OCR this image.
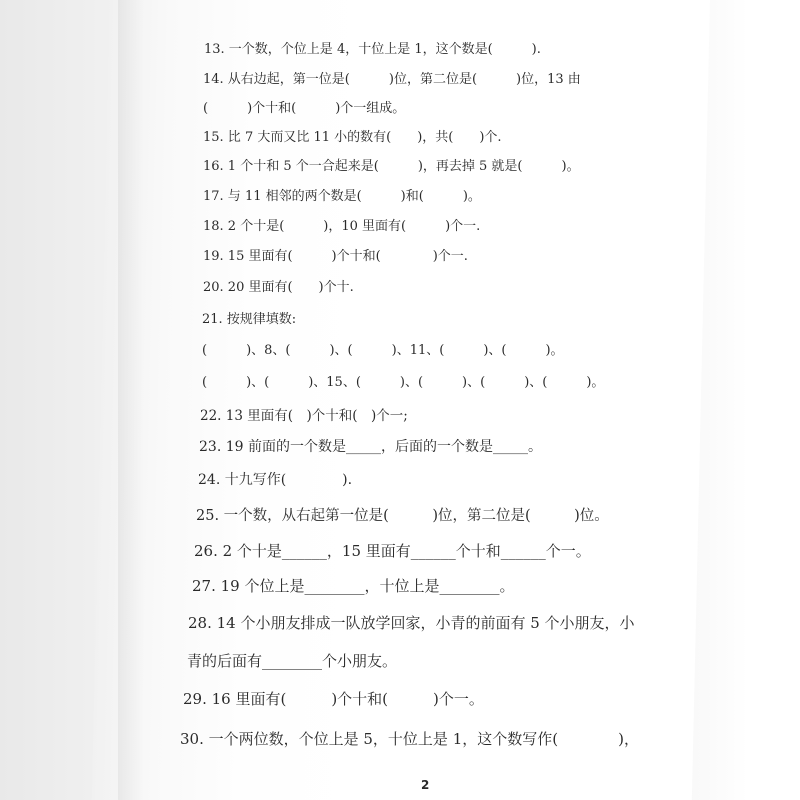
13. 一个数，个位上是 4，十位上是 1，这个数是(　　　).
14. 从右边起，第一位是(　　　)位，第二位是(　　　)位，13 由
(　　　)个十和(　　　)个一组成。
15. 比 7 大而又比 11 小的数有(　　)，共(　　)个.
16. 1 个十和 5 个一合起来是(　　　)，再去掉 5 就是(　　　)。
17. 与 11 相邻的两个数是(　　　)和(　　　)。
18. 2 个十是(　　　)，10 里面有(　　　)个一.
19. 15 里面有(　　　)个十和(　　　　)个一.
20. 20 里面有(　　)个十.
21. 按规律填数:
(　　　)、8、(　　　)、(　　　)、11、(　　　)、(　　　)。
(　　　)、(　　　)、15、(　　　)、(　　　)、(　　　)、(　　　)。
22. 13 里面有(　)个十和(　)个一;
23. 19 前面的一个数是_____，后面的一个数是_____。
24. 十九写作(　　　　).
25. 一个数，从右起第一位是(　　　)位，第二位是(　　　)位。
26. 2 个十是______，15 里面有______个十和______个一。
27. 19 个位上是________，十位上是________。
28. 14 个小朋友排成一队放学回家，小青的前面有 5 个小朋友，小
青的后面有________个小朋友。
29. 16 里面有(　　　)个十和(　　　)个一。
30. 一个两位数，个位上是 5，十位上是 1，这个数写作(　　　　)，
2
